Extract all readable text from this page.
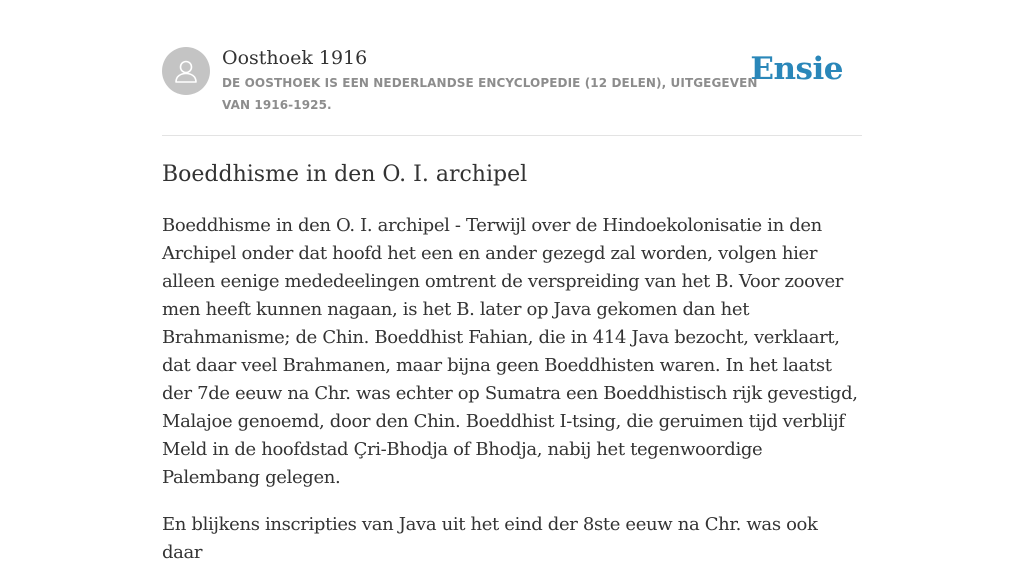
Oosthoek 1916
DE OOSTHOEK IS EEN NEDERLANDSE ENCYCLOPEDIE (12 DELEN), UITGEGEVEN VAN 1916-1925.
Ensie
Boeddhisme in den O. I. archipel

Boeddhisme in den O. I. archipel - Terwijl over de Hindoekolonisatie in den Archipel onder dat hoofd het een en ander gezegd zal worden, volgen hier alleen eenige mededeelingen omtrent de verspreiding van het B. Voor zoover men heeft kunnen nagaan, is het B. later op Java gekomen dan het Brahmanisme; de Chin. Boeddhist Fahian, die in 414 Java bezocht, verklaart, dat daar veel Brahmanen, maar bijna geen Boeddhisten waren. In het laatst der 7de eeuw na Chr. was echter op Sumatra een Boeddhistisch rijk gevestigd, Malajoe genoemd, door den Chin. Boeddhist I-tsing, die geruimen tijd verblijf Meld in de hoofdstad Çri-Bhodja of Bhodja, nabij het tegenwoordige Palembang gelegen.

En blijkens inscripties van Java uit het eind der 8ste eeuw na Chr. was ook daar
